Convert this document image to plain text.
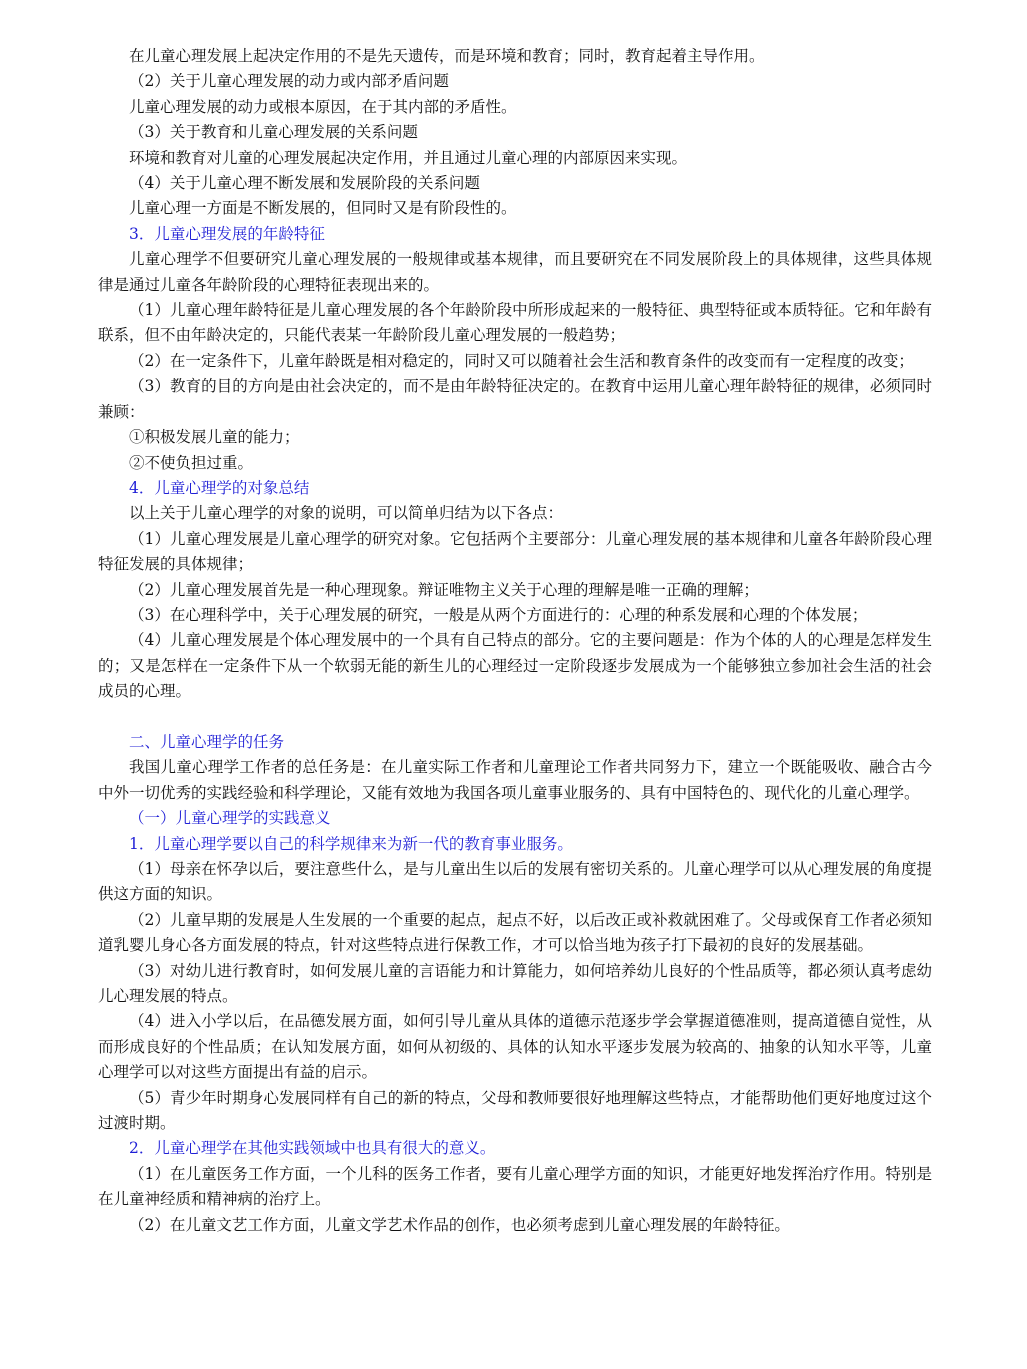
在儿童心理发展上起决定作用的不是先天遗传，而是环境和教育；同时，教育起着主导作用。

（2）关于儿童心理发展的动力或内部矛盾问题

儿童心理发展的动力或根本原因，在于其内部的矛盾性。

（3）关于教育和儿童心理发展的关系问题

环境和教育对儿童的心理发展起决定作用，并且通过儿童心理的内部原因来实现。

（4）关于儿童心理不断发展和发展阶段的关系问题

儿童心理一方面是不断发展的，但同时又是有阶段性的。

3．儿童心理发展的年龄特征

儿童心理学不但要研究儿童心理发展的一般规律或基本规律，而且要研究在不同发展阶段上的具体规律，这些具体规律是通过儿童各年龄阶段的心理特征表现出来的。

（1）儿童心理年龄特征是儿童心理发展的各个年龄阶段中所形成起来的一般特征、典型特征或本质特征。它和年龄有联系，但不由年龄决定的，只能代表某一年龄阶段儿童心理发展的一般趋势；

（2）在一定条件下，儿童年龄既是相对稳定的，同时又可以随着社会生活和教育条件的改变而有一定程度的改变；

（3）教育的目的方向是由社会决定的，而不是由年龄特征决定的。在教育中运用儿童心理年龄特征的规律，必须同时兼顾：

①积极发展儿童的能力；

②不使负担过重。

4．儿童心理学的对象总结

以上关于儿童心理学的对象的说明，可以简单归结为以下各点：

（1）儿童心理发展是儿童心理学的研究对象。它包括两个主要部分：儿童心理发展的基本规律和儿童各年龄阶段心理特征发展的具体规律；

（2）儿童心理发展首先是一种心理现象。辩证唯物主义关于心理的理解是唯一正确的理解；

（3）在心理科学中，关于心理发展的研究，一般是从两个方面进行的：心理的种系发展和心理的个体发展；

（4）儿童心理发展是个体心理发展中的一个具有自己特点的部分。它的主要问题是：作为个体的人的心理是怎样发生的；又是怎样在一定条件下从一个软弱无能的新生儿的心理经过一定阶段逐步发展成为一个能够独立参加社会生活的社会成员的心理。

二、儿童心理学的任务

我国儿童心理学工作者的总任务是：在儿童实际工作者和儿童理论工作者共同努力下，建立一个既能吸收、融合古今中外一切优秀的实践经验和科学理论，又能有效地为我国各项儿童事业服务的、具有中国特色的、现代化的儿童心理学。

（一）儿童心理学的实践意义

1．儿童心理学要以自己的科学规律来为新一代的教育事业服务。

（1）母亲在怀孕以后，要注意些什么，是与儿童出生以后的发展有密切关系的。儿童心理学可以从心理发展的角度提供这方面的知识。

（2）儿童早期的发展是人生发展的一个重要的起点，起点不好，以后改正或补救就困难了。父母或保育工作者必须知道乳婴儿身心各方面发展的特点，针对这些特点进行保教工作，才可以恰当地为孩子打下最初的良好的发展基础。

（3）对幼儿进行教育时，如何发展儿童的言语能力和计算能力，如何培养幼儿良好的个性品质等，都必须认真考虑幼儿心理发展的特点。

（4）进入小学以后，在品德发展方面，如何引导儿童从具体的道德示范逐步学会掌握道德准则，提高道德自觉性，从而形成良好的个性品质；在认知发展方面，如何从初级的、具体的认知水平逐步发展为较高的、抽象的认知水平等，儿童心理学可以对这些方面提出有益的启示。

（5）青少年时期身心发展同样有自己的新的特点，父母和教师要很好地理解这些特点，才能帮助他们更好地度过这个过渡时期。

2．儿童心理学在其他实践领域中也具有很大的意义。

（1）在儿童医务工作方面，一个儿科的医务工作者，要有儿童心理学方面的知识，才能更好地发挥治疗作用。特别是在儿童神经质和精神病的治疗上。

（2）在儿童文艺工作方面，儿童文学艺术作品的创作，也必须考虑到儿童心理发展的年龄特征。
